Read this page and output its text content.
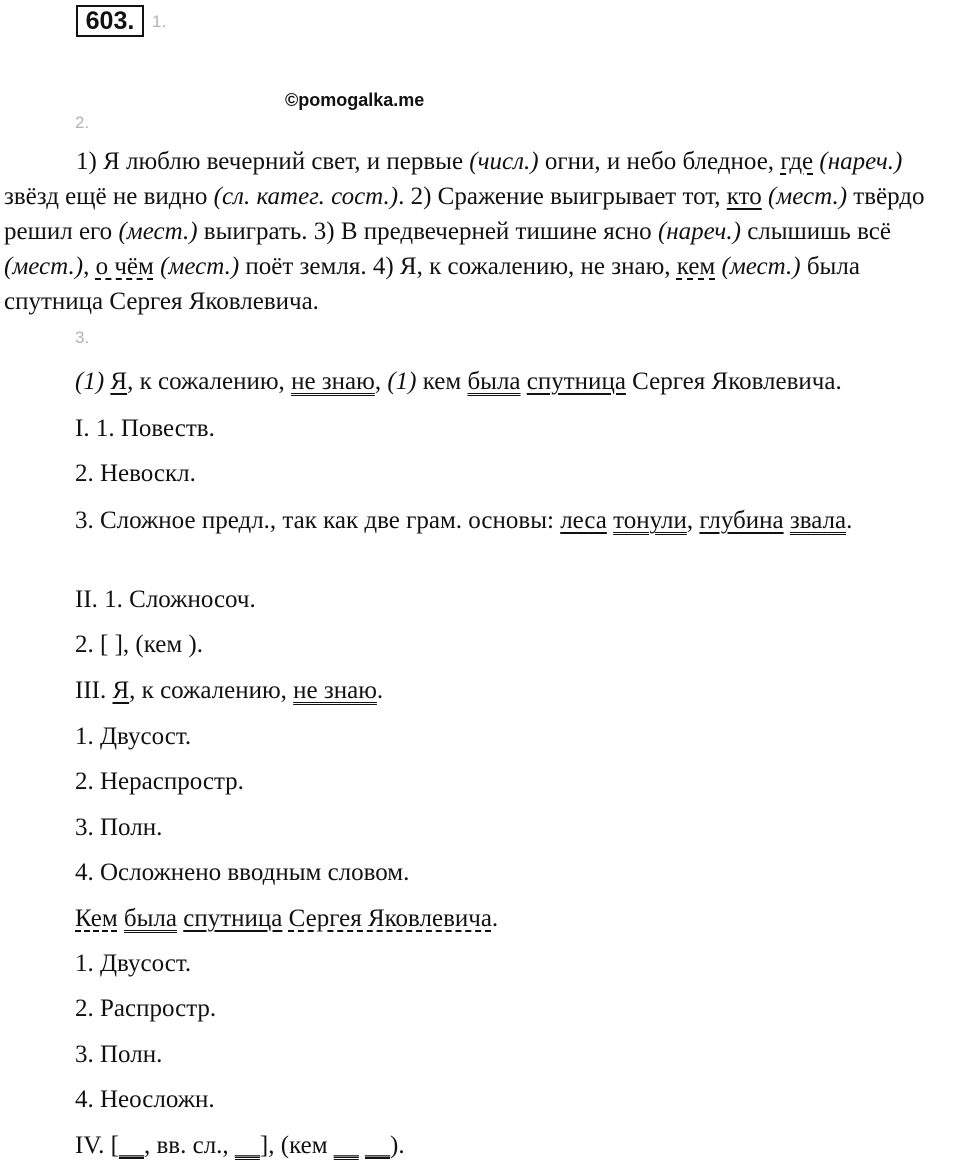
603.	1.
©pomogalka.me
2.

1) Я люблю вечерний свет, и первые (числ.) огни, и небо бледное, где (нареч.) звёзд ещё не видно (сл. катег. сост.). 2) Сражение выигрывает тот, кто (мест.) твёрдо решил его (мест.) выиграть. 3) В предвечерней тишине ясно (нареч.) слышишь всё (мест.), о чём (мест.) поёт земля. 4) Я, к сожалению, не знаю, кем (мест.) была спутница Сергея Яковлевича.

3.

(1) Я, к сожалению, не знаю, (1) кем была спутница Сергея Яковлевича.

I. 1. Повеств.

2. Невоскл.

3. Сложное предл., так как две грам. основы: леса тонули, глубина звала.

II. 1. Сложносоч.

2. [ ], (кем ).

III. Я, к сожалению, не знаю.

1. Двусост.

2. Нераспростр.

3. Полн.

4. Осложнено вводным словом.

Кем была спутница Сергея Яковлевича.

1. Двусост.

2. Распростр.

3. Полн.

4. Неосложн.

IV. [__, вв. сл., __], (кем __ __).
